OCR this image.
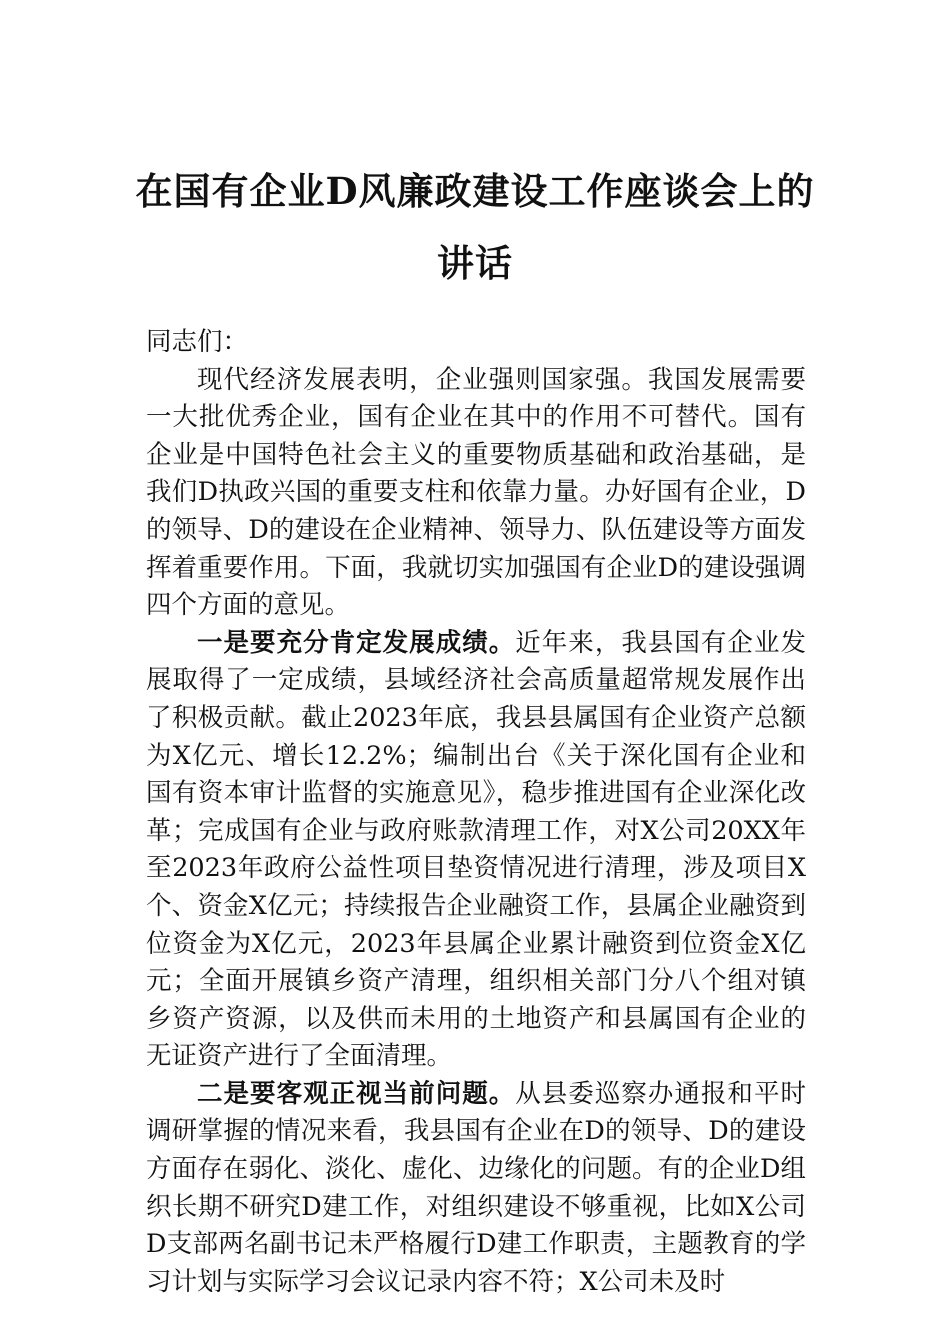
在国有企业D风廉政建设工作座谈会上的讲话

同志们：

现代经济发展表明，企业强则国家强。我国发展需要一大批优秀企业，国有企业在其中的作用不可替代。国有企业是中国特色社会主义的重要物质基础和政治基础，是我们D执政兴国的重要支柱和依靠力量。办好国有企业，D的领导、D的建设在企业精神、领导力、队伍建设等方面发挥着重要作用。下面，我就切实加强国有企业D的建设强调四个方面的意见。

一是要充分肯定发展成绩。近年来，我县国有企业发展取得了一定成绩，县域经济社会高质量超常规发展作出了积极贡献。截止2023年底，我县县属国有企业资产总额为X亿元、增长12.2%；编制出台《关于深化国有企业和国有资本审计监督的实施意见》，稳步推进国有企业深化改革；完成国有企业与政府账款清理工作，对X公司20XX年至2023年政府公益性项目垫资情况进行清理，涉及项目X个、资金X亿元；持续报告企业融资工作，县属企业融资到位资金为X亿元，2023年县属企业累计融资到位资金X亿元；全面开展镇乡资产清理，组织相关部门分八个组对镇乡资产资源，以及供而未用的土地资产和县属国有企业的无证资产进行了全面清理。

二是要客观正视当前问题。从县委巡察办通报和平时调研掌握的情况来看，我县国有企业在D的领导、D的建设方面存在弱化、淡化、虚化、边缘化的问题。有的企业D组织长期不研究D建工作，对组织建设不够重视，比如X公司D支部两名副书记未严格履行D建工作职责，主题教育的学习计划与实际学习会议记录内容不符；X公司未及时
